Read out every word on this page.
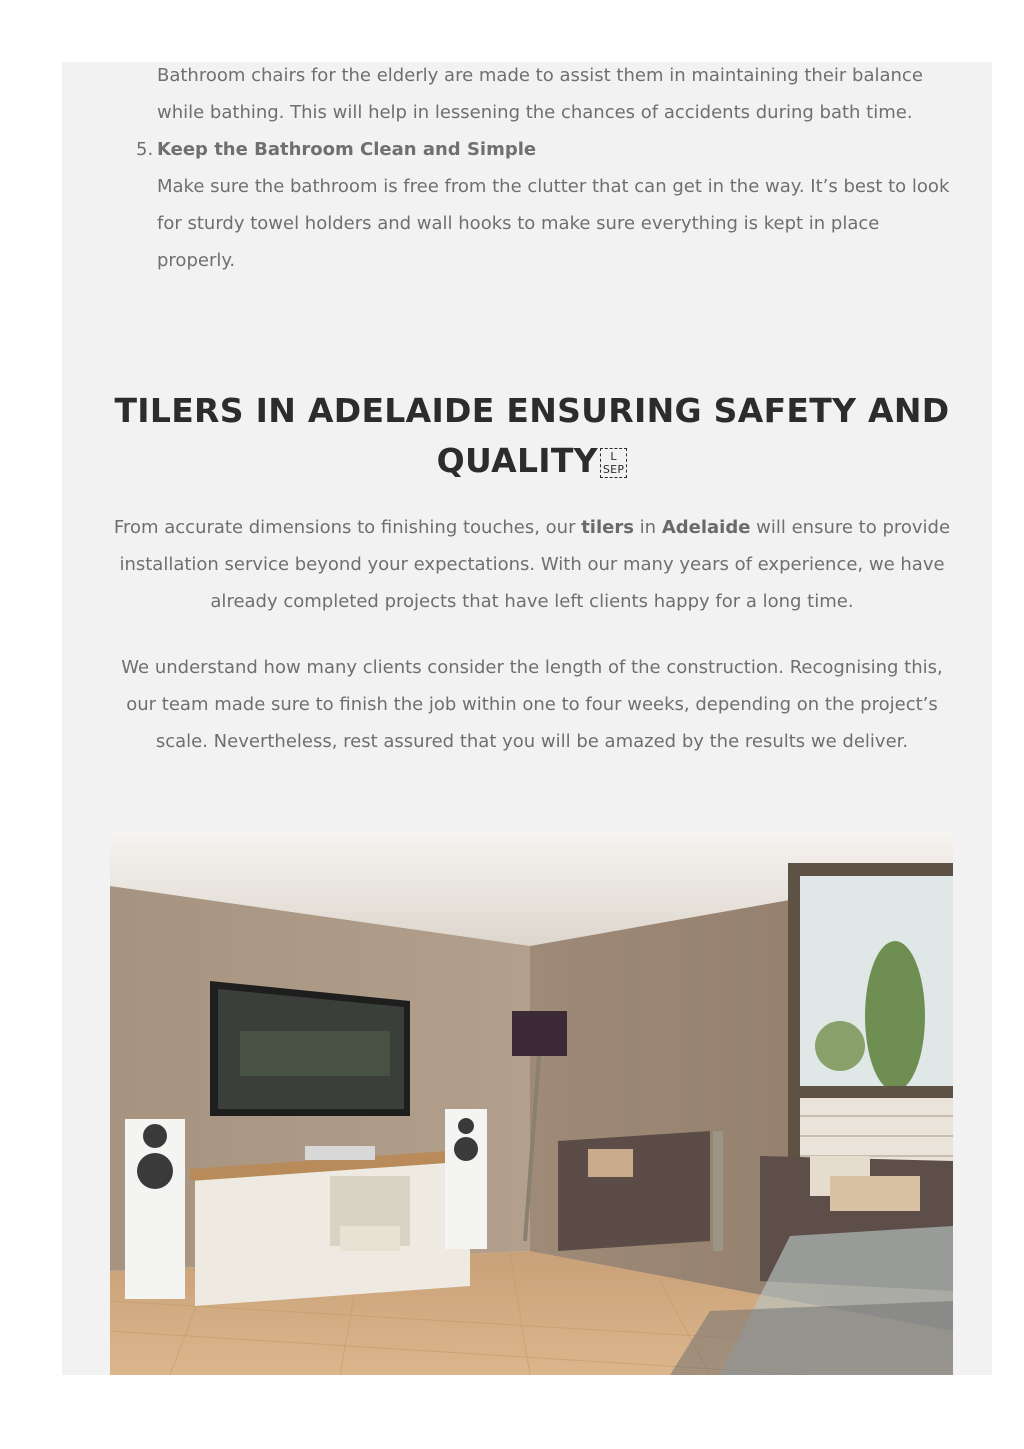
Bathroom chairs for the elderly are made to assist them in maintaining their balance
while bathing. This will help in lessening the chances of accidents during bath time.
5. Keep the Bathroom Clean and Simple
Make sure the bathroom is free from the clutter that can get in the way. It’s best to look
for sturdy towel holders and wall hooks to make sure everything is kept in place
properly.
TILERS IN ADELAIDE ENSURING SAFETY AND
QUALITY L
SEP
From accurate dimensions to finishing touches, our tilers in Adelaide will ensure to provide
installation service beyond your expectations. With our many years of experience, we have
already completed projects that have left clients happy for a long time.
We understand how many clients consider the length of the construction. Recognising this,
our team made sure to finish the job within one to four weeks, depending on the project’s
scale. Nevertheless, rest assured that you will be amazed by the results we deliver.
